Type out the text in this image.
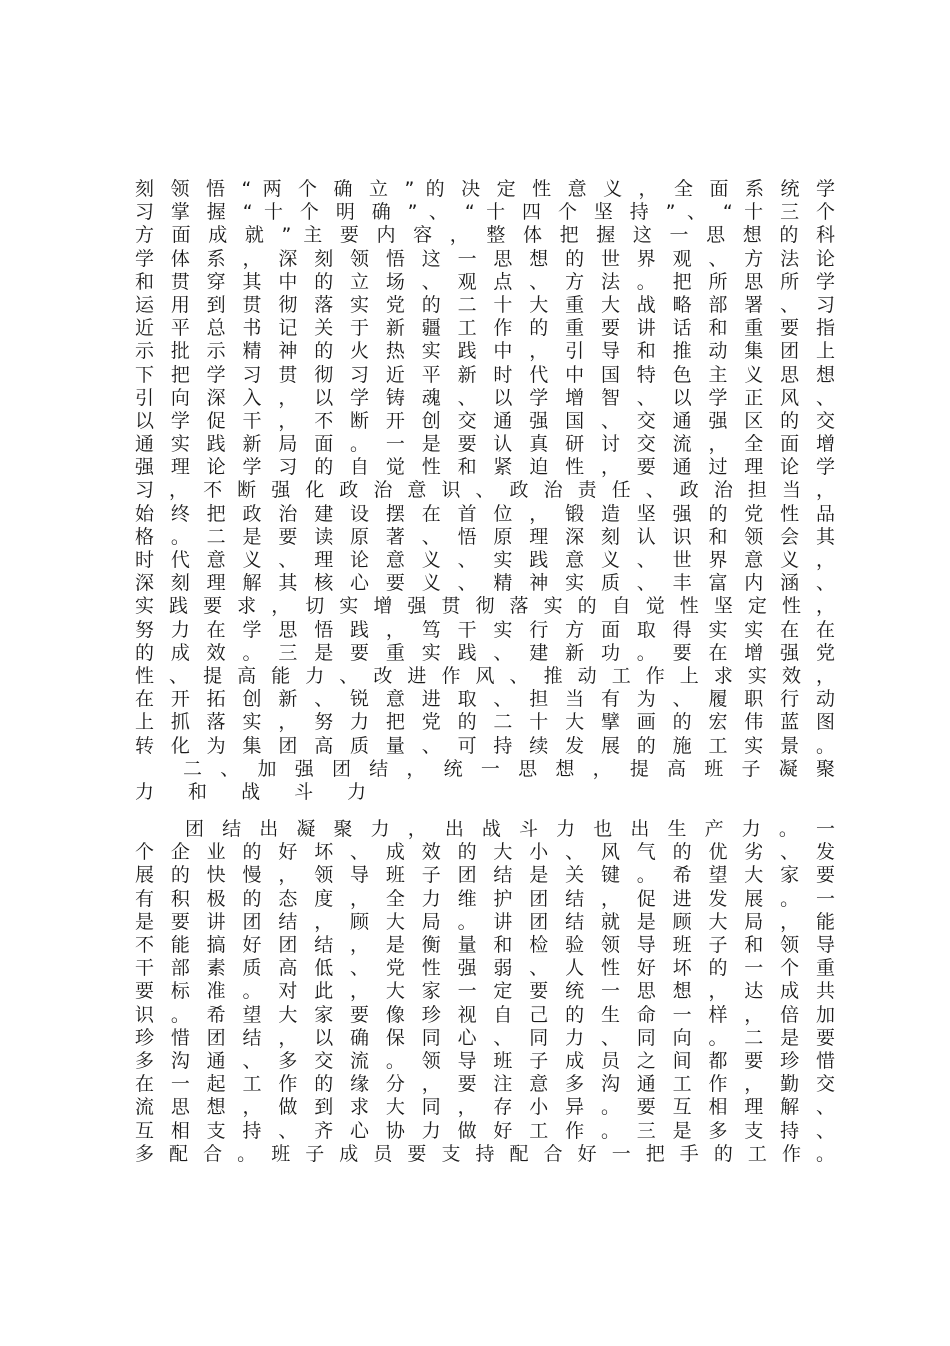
刻 领 悟 “ 两 个 确 立 ” 的 决 定 性 意 义 ， 全 面 系 统 学
习 掌 握 “ 十 个 明 确 ” 、 “ 十 四 个 坚 持 ” 、 “ 十 三 个
方 面 成 就 ” 主 要 内 容 ， 整 体 把 握 这 一 思 想 的 科
学 体 系 ， 深 刻 领 悟 这 一 思 想 的 世 界 观 、 方 法 论
和 贯 穿 其 中 的 立 场 、 观 点 、 方 法 。 把 所 思 所 学
运 用 到 贯 彻 落 实 党 的 二 十 大 重 大 战 略 部 署 、 习
近 平 总 书 记 关 于 新 疆 工 作 的 重 要 讲 话 和 重 要 指
示 批 示 精 神 的 火 热 实 践 中 ， 引 导 和 推 动 集 团 上
下 把 学 习 贯 彻 习 近 平 新 时 代 中 国 特 色 主 义 思 想
引 向 深 入 ， 以 学 铸 魂 、 以 学 增 智 、 以 学 正 风 、
以 学 促 干 ， 不 断 开 创 交 通 强 国 、 交 通 强 区 的 交
通 实 践 新 局 面 。 一 是 要 认 真 研 讨 交 流 ， 全 面 增
强 理 论 学 习 的 自 觉 性 和 紧 迫 性 ， 要 通 过 理 论 学
习 ， 不 断 强 化 政 治 意 识 、 政 治 责 任 、 政 治 担 当 ，
始 终 把 政 治 建 设 摆 在 首 位 ， 锻 造 坚 强 的 党 性 品
格 。 二 是 要 读 原 著 、 悟 原 理 深 刻 认 识 和 领 会 其
时 代 意 义 、 理 论 意 义 、 实 践 意 义 、 世 界 意 义 ，
深 刻 理 解 其 核 心 要 义 、 精 神 实 质 、 丰 富 内 涵 、
实 践 要 求 ， 切 实 增 强 贯 彻 落 实 的 自 觉 性 坚 定 性 ，
努 力 在 学 思 悟 践 ， 笃 干 实 行 方 面 取 得 实 实 在 在
的 成 效 。 三 是 要 重 实 践 、 建 新 功 。 要 在 增 强 党
性 、 提 高 能 力 、 改 进 作 风 、 推 动 工 作 上 求 实 效 ，
在 开 拓 创 新 、 锐 意 进 取 、 担 当 有 为 、 履 职 行 动
上 抓 落 实 ， 努 力 把 党 的 二 十 大 擘 画 的 宏 伟 蓝 图
转 化 为 集 团 高 质 量 、 可 持 续 发 展 的 施 工 实 景 。
二 、 加 强 团 结 ， 统 一 思 想 ， 提 高 班 子 凝 聚
力 和 战 斗 力
团 结 出 凝 聚 力 ， 出 战 斗 力 也 出 生 产 力 。 一
个 企 业 的 好 坏 、 成 效 的 大 小 、 风 气 的 优 劣 、 发
展 的 快 慢 ， 领 导 班 子 团 结 是 关 键 。 希 望 大 家 要
有 积 极 的 态 度 ， 全 力 维 护 团 结 ， 促 进 发 展 。 一
是 要 讲 团 结 ， 顾 大 局 。 讲 团 结 就 是 顾 大 局 ， 能
不 能 搞 好 团 结 ， 是 衡 量 和 检 验 领 导 班 子 和 领 导
干 部 素 质 高 低 、 党 性 强 弱 、 人 性 好 坏 的 一 个 重
要 标 准 。 对 此 ， 大 家 一 定 要 统 一 思 想 ， 达 成 共
识 。 希 望 大 家 要 像 珍 视 自 己 的 生 命 一 样 ， 倍 加
珍 惜 团 结 ， 以 确 保 同 心 、 同 力 、 同 向 。 二 是 要
多 沟 通 、 多 交 流 。 领 导 班 子 成 员 之 间 都 要 珍 惜
在 一 起 工 作 的 缘 分 ， 要 注 意 多 沟 通 工 作 ， 勤 交
流 思 想 ， 做 到 求 大 同 ， 存 小 异 。 要 互 相 理 解 、
互 相 支 持 、 齐 心 协 力 做 好 工 作 。 三 是 多 支 持 、
多 配 合 。 班 子 成 员 要 支 持 配 合 好 一 把 手 的 工 作 。
